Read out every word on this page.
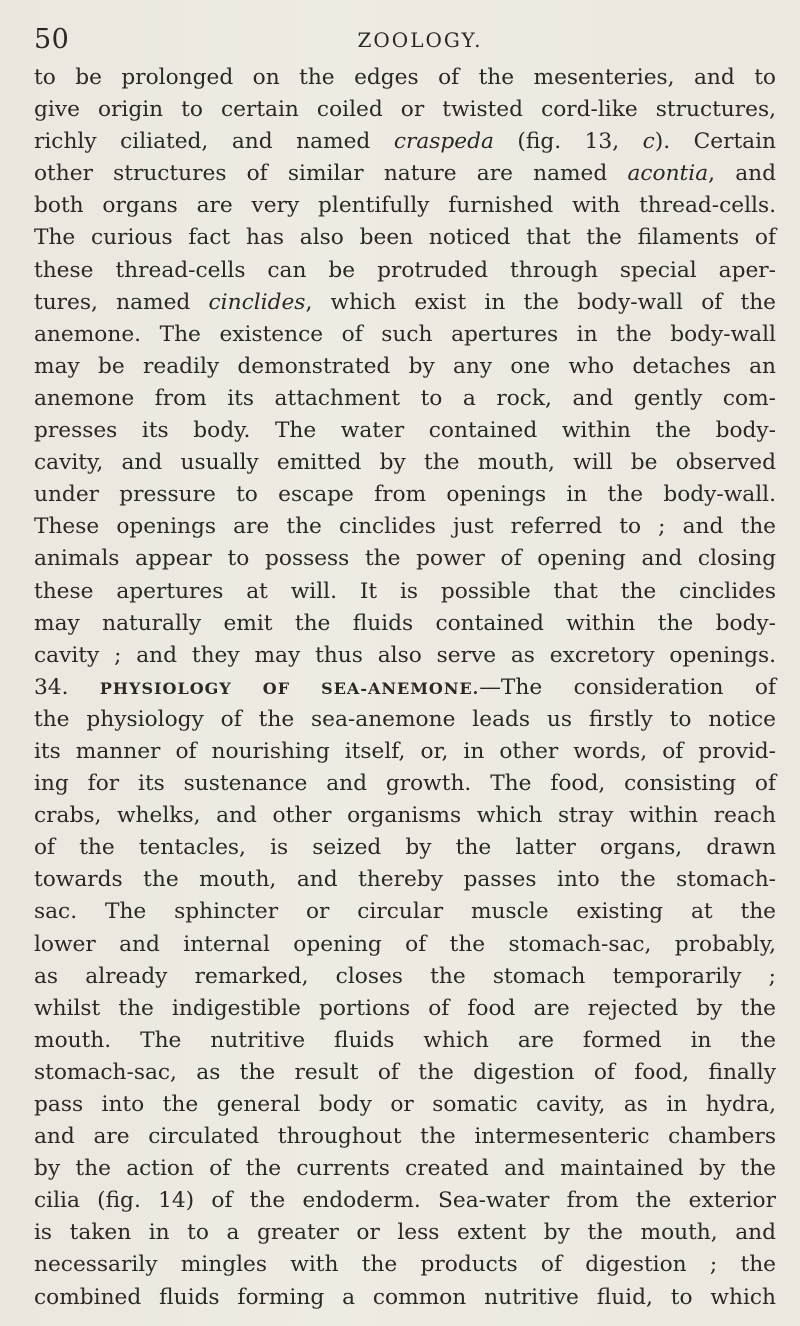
50	ZOOLOGY.
to be prolonged on the edges of the mesenteries, and to
give origin to certain coiled or twisted cord-like structures,
richly ciliated, and named craspeda (fig. 13, c). Certain
other structures of similar nature are named acontia, and
both organs are very plentifully furnished with thread-cells.
The curious fact has also been noticed that the filaments of
these thread-cells can be protruded through special aper-
tures, named cinclides, which exist in the body-wall of the
anemone. The existence of such apertures in the body-wall
may be readily demonstrated by any one who detaches an
anemone from its attachment to a rock, and gently com-
presses its body. The water contained within the body-
cavity, and usually emitted by the mouth, will be observed
under pressure to escape from openings in the body-wall.
These openings are the cinclides just referred to ; and the
animals appear to possess the power of opening and closing
these apertures at will. It is possible that the cinclides
may naturally emit the fluids contained within the body-
cavity ; and they may thus also serve as excretory openings.
34. PHYSIOLOGY OF SEA-ANEMONE.—The consideration of
the physiology of the sea-anemone leads us firstly to notice
its manner of nourishing itself, or, in other words, of provid-
ing for its sustenance and growth. The food, consisting of
crabs, whelks, and other organisms which stray within reach
of the tentacles, is seized by the latter organs, drawn
towards the mouth, and thereby passes into the stomach-
sac. The sphincter or circular muscle existing at the
lower and internal opening of the stomach-sac, probably,
as already remarked, closes the stomach temporarily ;
whilst the indigestible portions of food are rejected by the
mouth. The nutritive fluids which are formed in the
stomach-sac, as the result of the digestion of food, finally
pass into the general body or somatic cavity, as in hydra,
and are circulated throughout the intermesenteric chambers
by the action of the currents created and maintained by the
cilia (fig. 14) of the endoderm. Sea-water from the exterior
is taken in to a greater or less extent by the mouth, and
necessarily mingles with the products of digestion ; the
combined fluids forming a common nutritive fluid, to which
